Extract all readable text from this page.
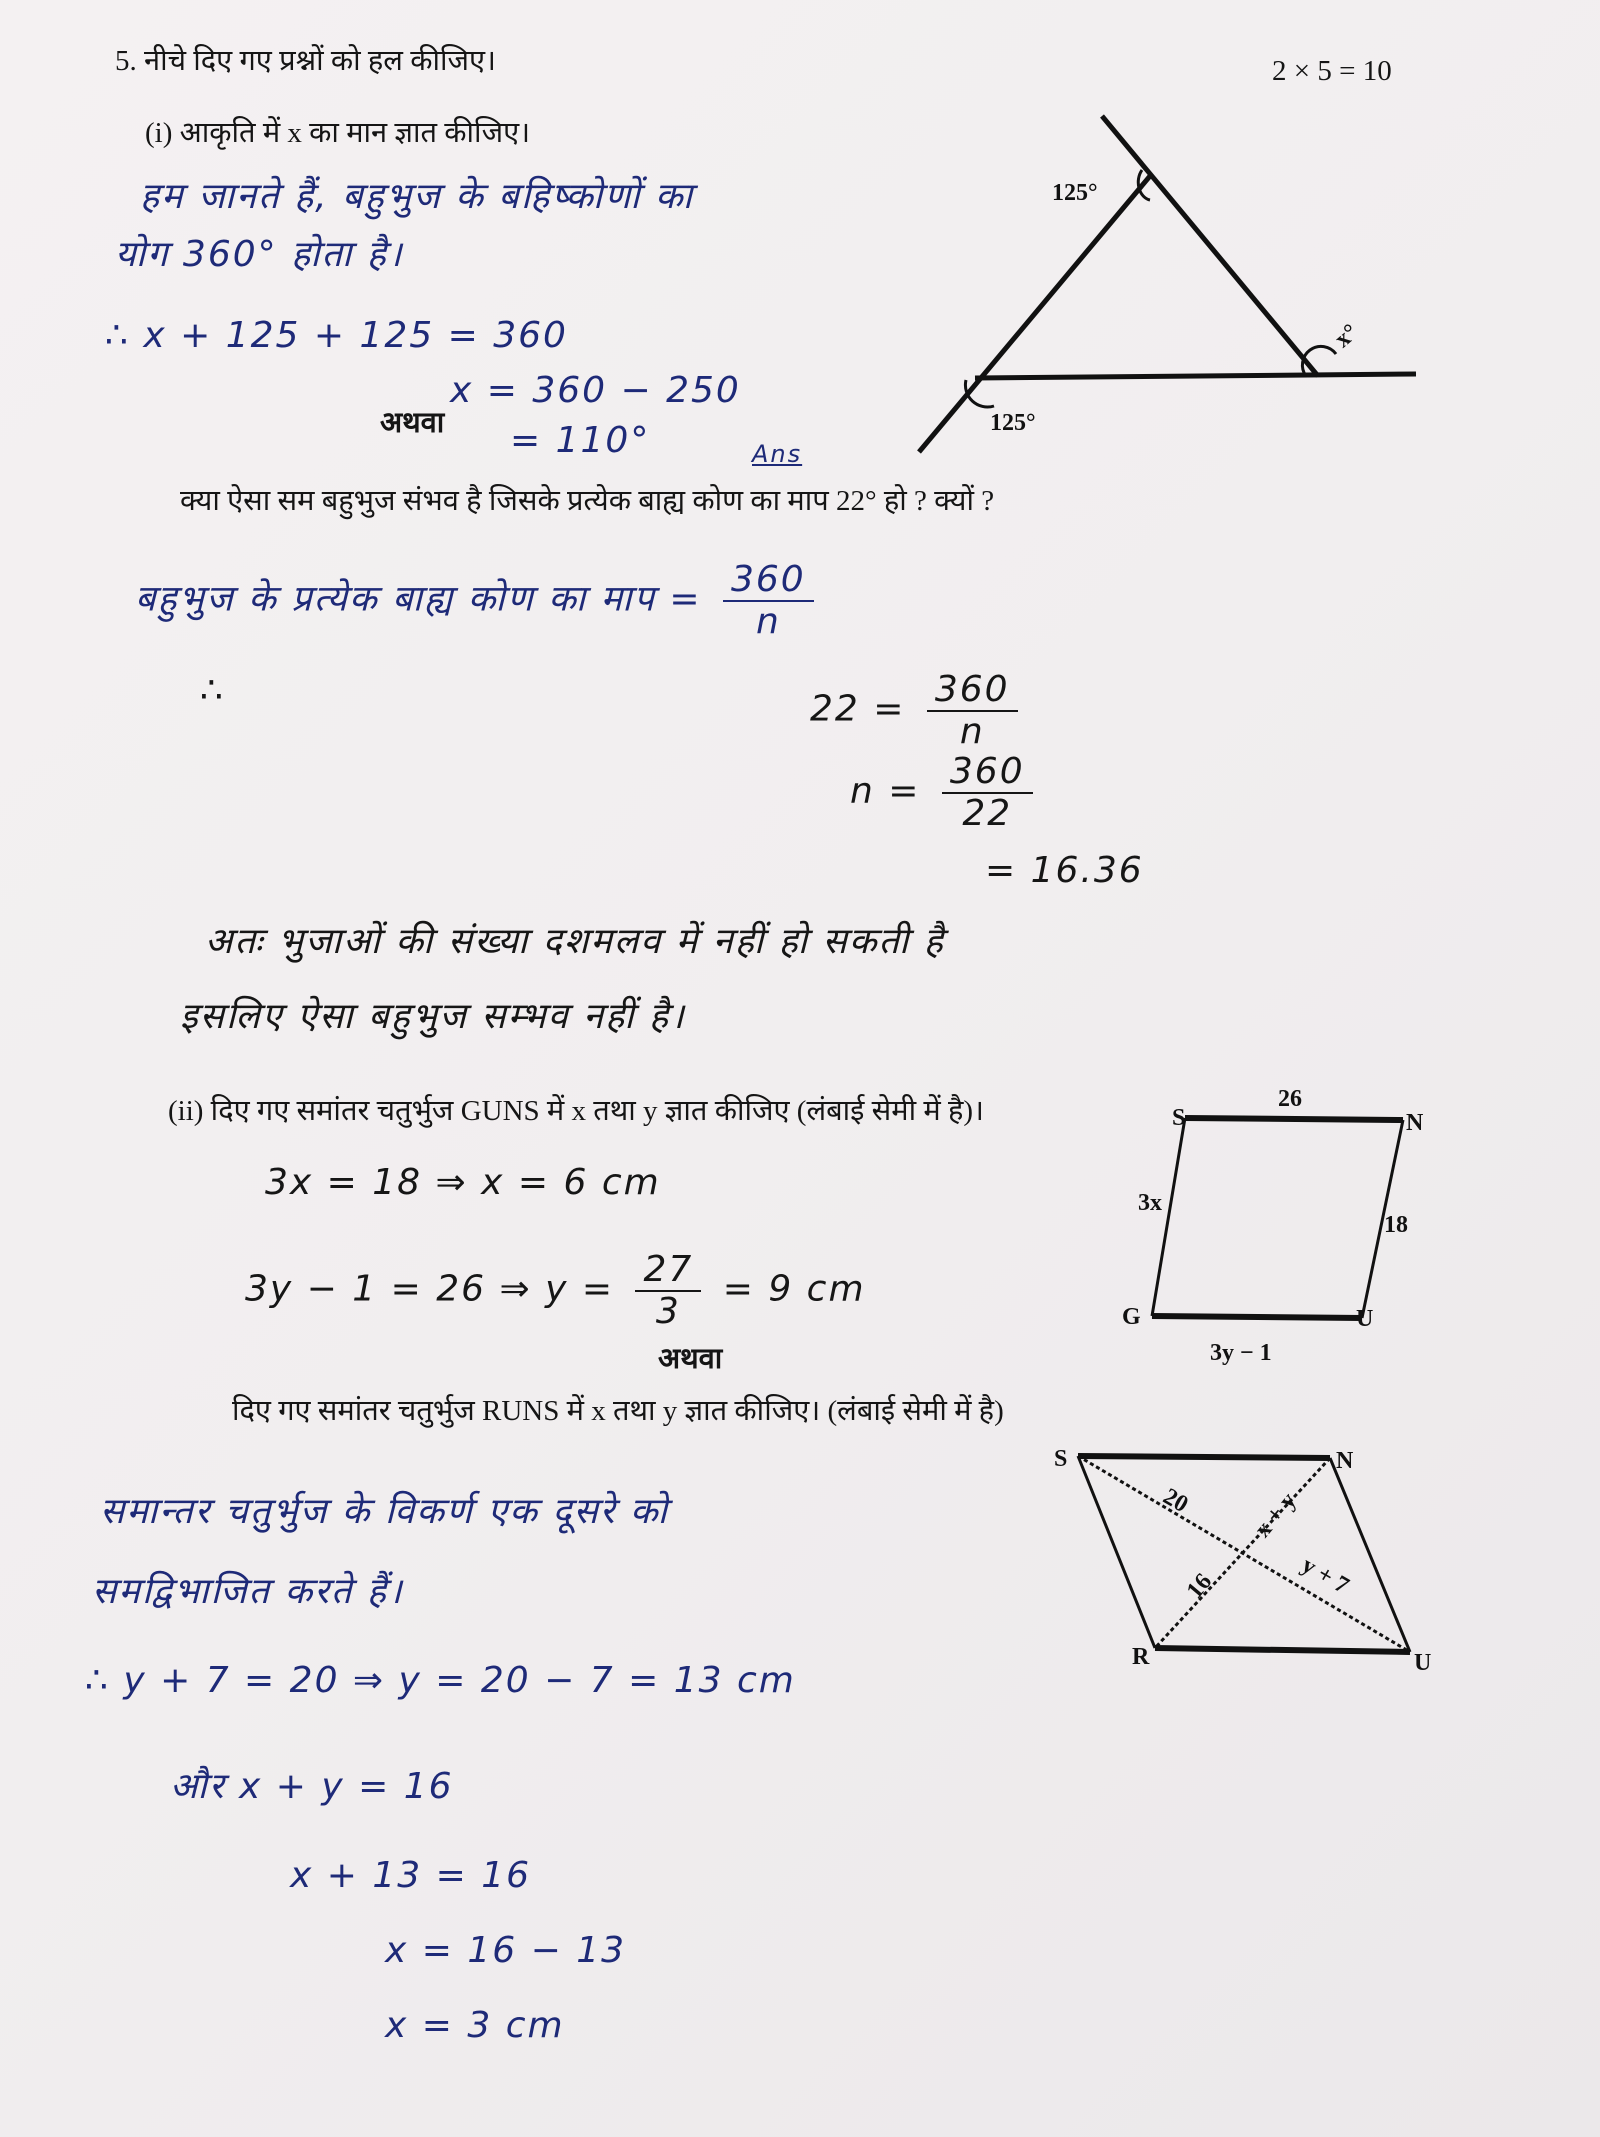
5. नीचे दिए गए प्रश्नों को हल कीजिए।	2 × 5 = 10
(i) आकृति में x का मान ज्ञात कीजिए।
अथवा
क्या ऐसा सम बहुभुज संभव है जिसके प्रत्येक बाह्य कोण का माप 22° हो ? क्यों ?
(ii) दिए गए समांतर चतुर्भुज GUNS में x तथा y ज्ञात कीजिए (लंबाई सेमी में है)।
अथवा
दिए गए समांतर चतुर्भुज RUNS में x तथा y ज्ञात कीजिए। (लंबाई सेमी में है)
125°
125°
x°
S	N
U
G
26
3x
18
3y − 1
S	N
U
R
20 x + y
16	y + 7
हम जानते हैं, बहुभुज के बहिष्कोणों का
योग 360° होता है।
∴ x + 125 + 125 = 360
x = 360 − 250
= 110°	Ans
बहुभुज के प्रत्येक बाह्य कोण का माप = $\frac{360}{n}$
∴	$22 = \frac{360}{n}$
$n = \frac{360}{22}$
= 16.36
अतः भुजाओं की संख्या दशमलव में नहीं हो सकती है
इसलिए ऐसा बहुभुज सम्भव नहीं है।
3x = 18 ⇒ x = 6 cm
3y − 1 = 26 ⇒ $y = \frac{27}{3} = 9$ cm
समान्तर चतुर्भुज के विकर्ण एक दूसरे को
समद्विभाजित करते हैं।
∴ y + 7 = 20 ⇒ y = 20 − 7 = 13 cm
और x + y = 16
x + 13 = 16
x = 16 − 13
x = 3 cm
